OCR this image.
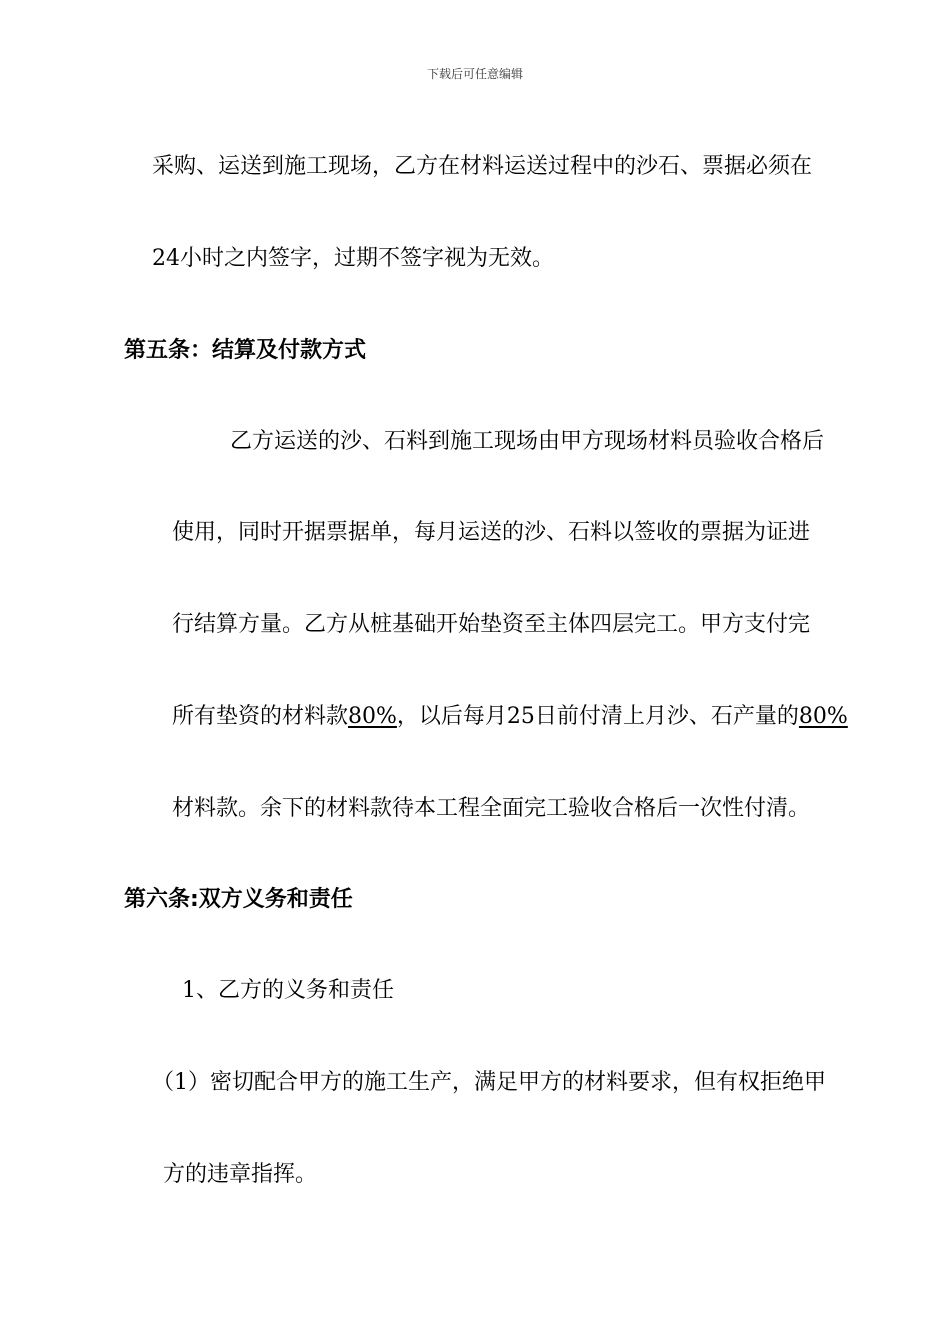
下载后可任意编辑
采购、运送到施工现场，乙方在材料运送过程中的沙石、票据必须在
24小时之内签字，过期不签字视为无效。
第五条：结算及付款方式
乙方运送的沙、石料到施工现场由甲方现场材料员验收合格后
使用，同时开据票据单，每月运送的沙、石料以签收的票据为证进
行结算方量。乙方从桩基础开始垫资至主体四层完工。甲方支付完
所有垫资的材料款80%，以后每月25日前付清上月沙、石产量的80%
材料款。余下的材料款待本工程全面完工验收合格后一次性付清。
第六条:双方义务和责任
1、乙方的义务和责任
（1）密切配合甲方的施工生产，满足甲方的材料要求，但有权拒绝甲
方的违章指挥。
